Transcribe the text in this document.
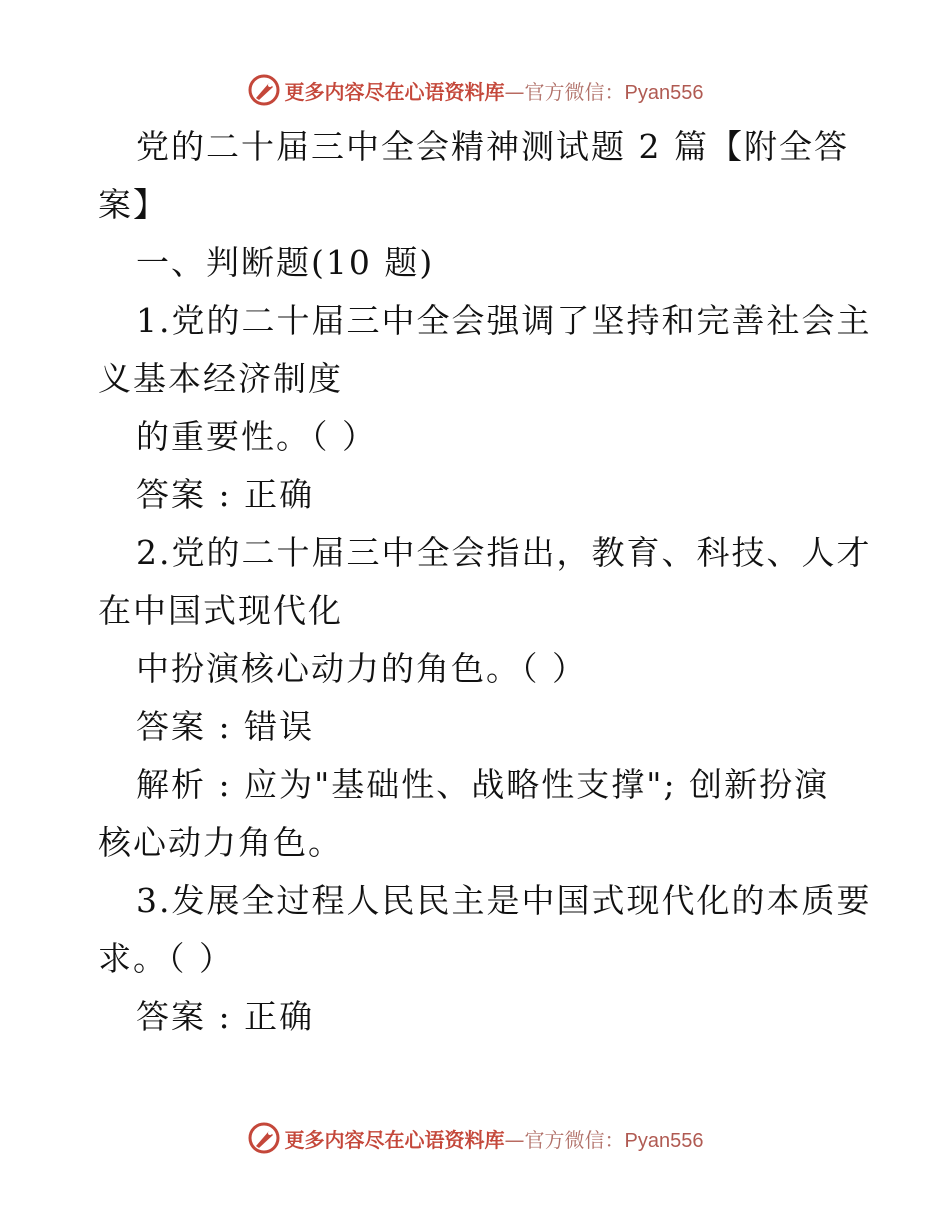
更多内容尽在心语资料库—官方微信：Pyan556
党的二十届三中全会精神测试题 2 篇【附全答
案】
一、判断题(10 题)
1.党的二十届三中全会强调了坚持和完善社会主
义基本经济制度
的重要性。（ ）
答案 : 正确
2.党的二十届三中全会指出，教育、科技、人才
在中国式现代化
中扮演核心动力的角色。（ ）
答案 : 错误
解析 : 应为"基础性、战略性支撑"; 创新扮演
核心动力角色。
3.发展全过程人民民主是中国式现代化的本质要
求。（ ）
答案 : 正确
更多内容尽在心语资料库—官方微信：Pyan556
